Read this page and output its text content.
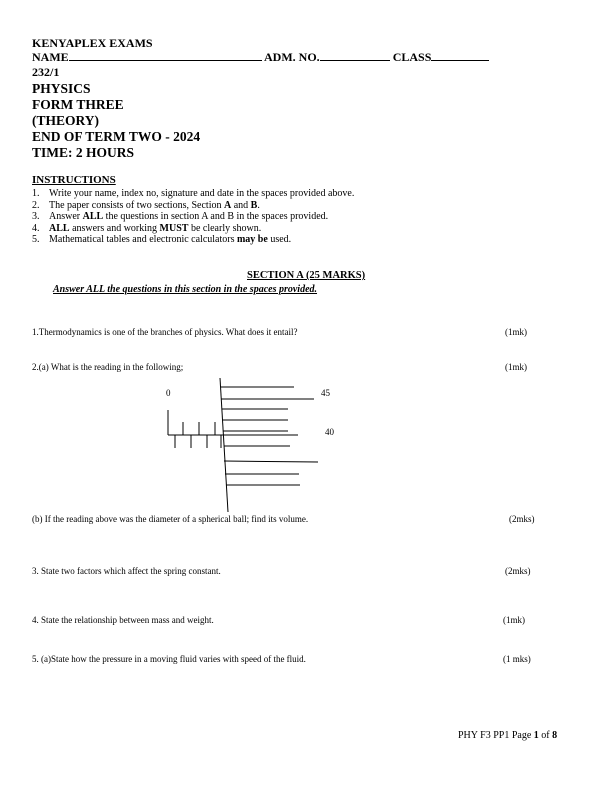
KENYAPLEX EXAMS
NAME	ADM. NO.	CLASS
232/1
PHYSICS
FORM THREE
(THEORY)
END OF TERM TWO - 2024
TIME: 2 HOURS
INSTRUCTIONS
1. Write your name, index no, signature and date in the spaces provided above.
2. The paper consists of two sections, Section A and B.
3. Answer ALL the questions in section A and B in the spaces provided.
4. ALL answers and working MUST be clearly shown.
5. Mathematical tables and electronic calculators may be used.
SECTION A (25 MARKS)
Answer ALL the questions in this section in the spaces provided.
1.Thermodynamics is one of the branches of physics. What does it entail?	(1mk)
2.(a) What is the reading in the following;	(1mk)
0	45
40
(b) If the reading above was the diameter of a spherical ball; find its volume.	(2mks)
3. State two factors which affect the spring constant.	(2mks)
4. State the relationship between mass and weight.	(1mk)
5. (a)State how the pressure in a moving fluid varies with speed of the fluid.	(1 mks)
PHY F3 PP1 Page 1 of 8
